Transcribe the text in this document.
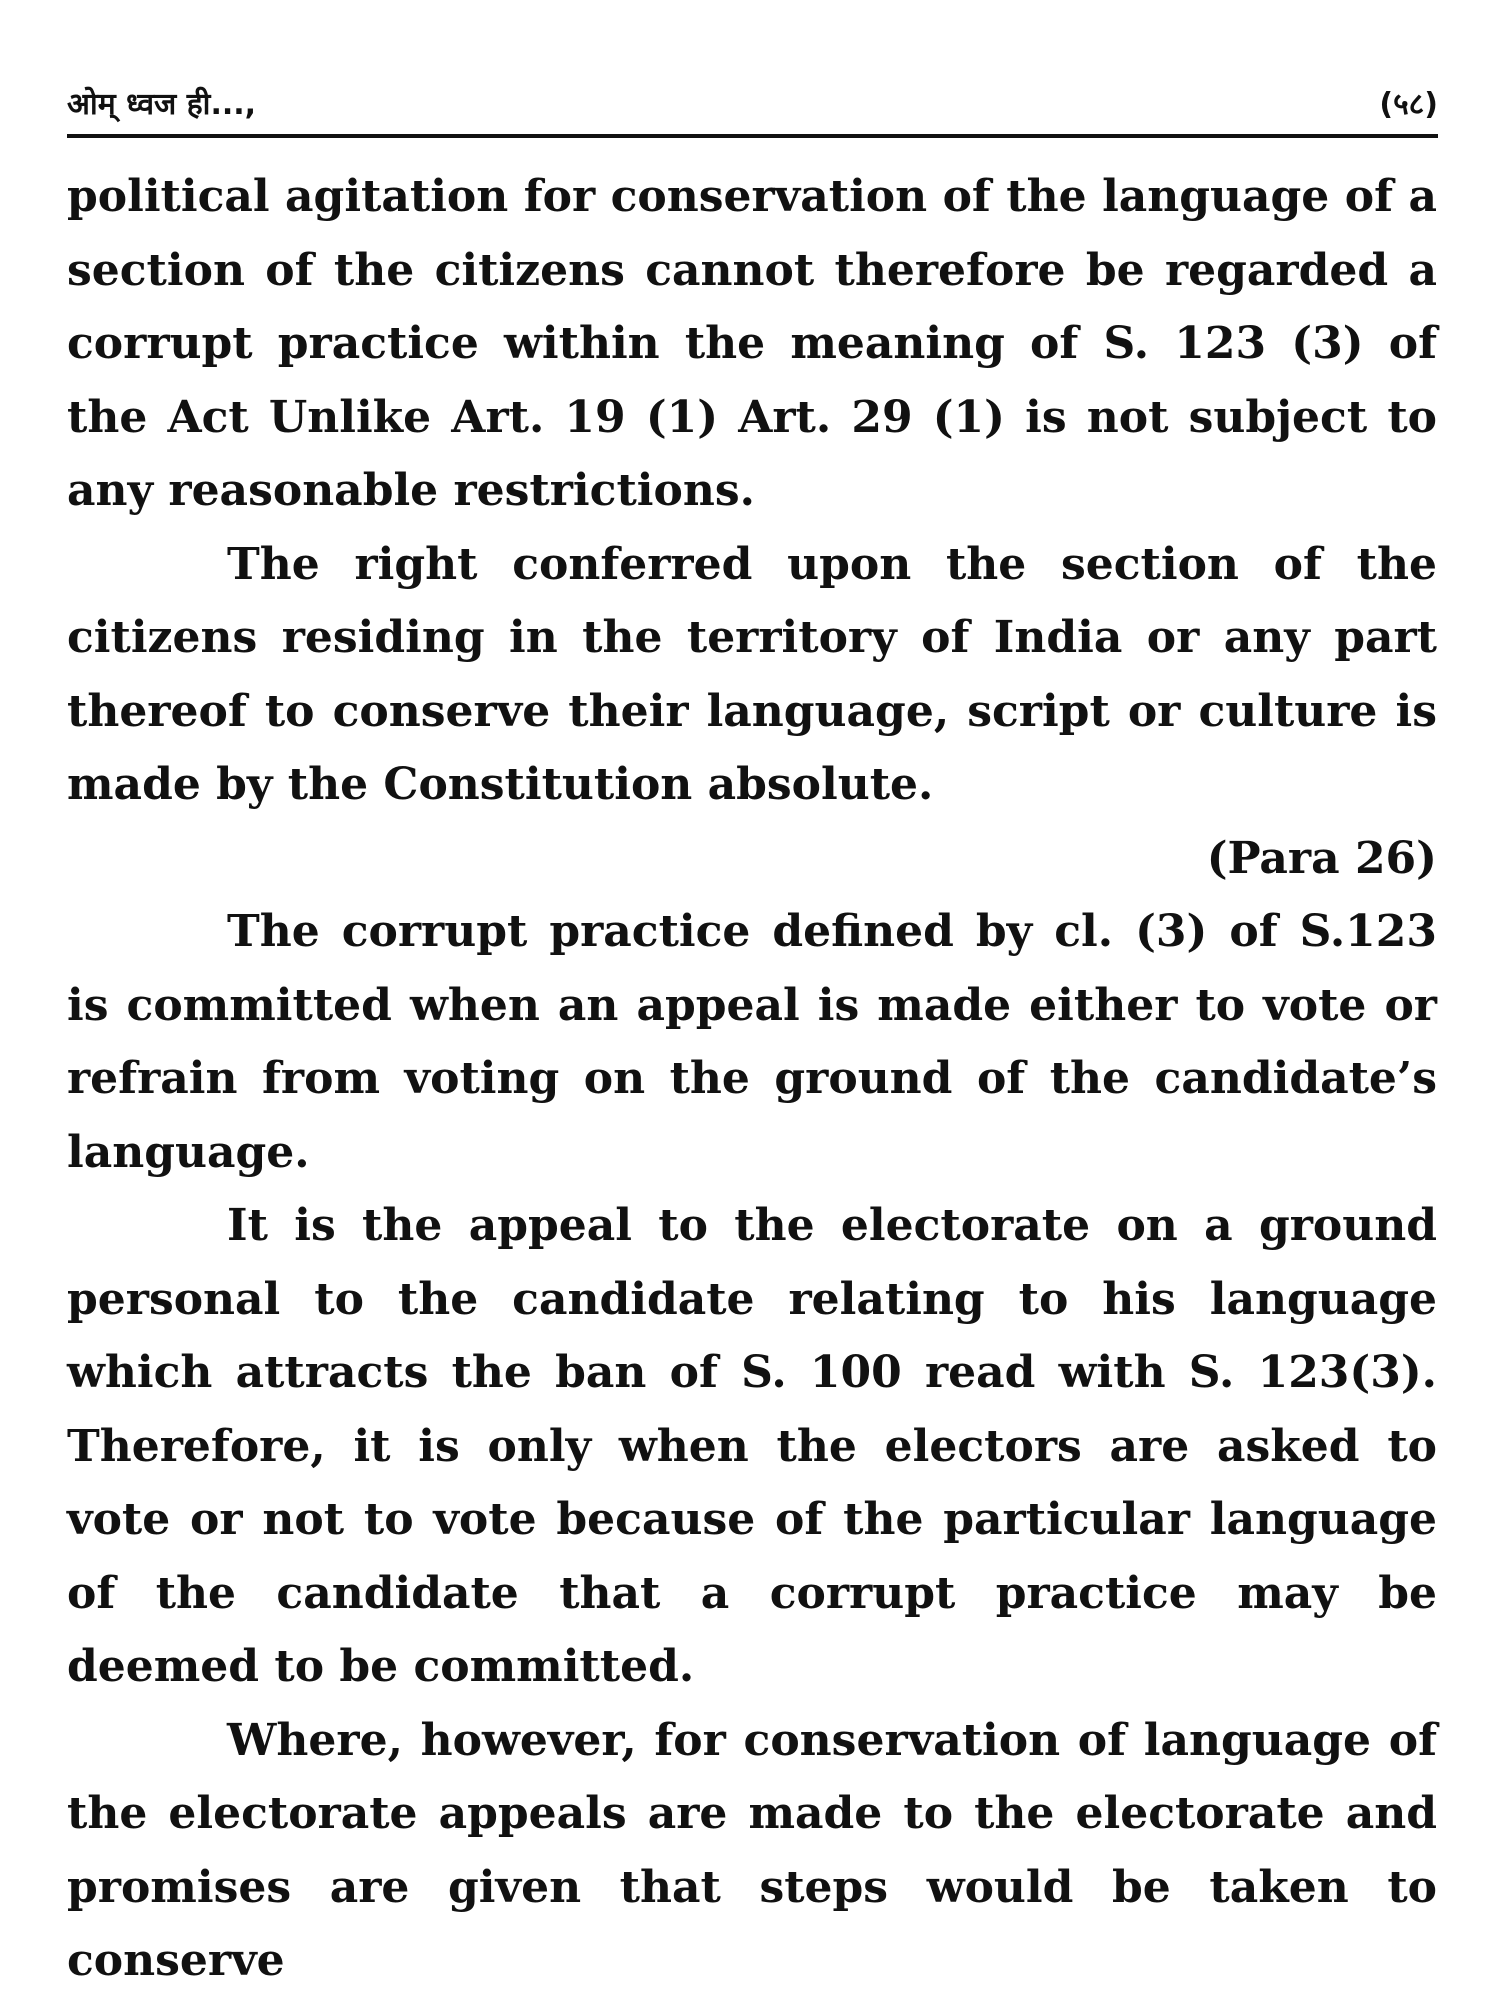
ओम् ध्वज ही...,	(५८)

political agitation for conservation of the language of a section of the citizens cannot therefore be regarded a corrupt practice within the meaning of S. 123 (3) of the Act Unlike Art. 19 (1) Art. 29 (1) is not subject to any reasonable restrictions.

The right conferred upon the section of the citizens residing in the territory of India or any part thereof to conserve their language, script or culture is made by the Constitution absolute.

(Para 26)

The corrupt practice defined by cl. (3) of S.123 is committed when an appeal is made either to vote or refrain from voting on the ground of the candidate’s language.

It is the appeal to the electorate on a ground personal to the candidate relating to his language which attracts the ban of S. 100 read with S. 123(3). Therefore, it is only when the electors are asked to vote or not to vote because of the particular language of the candidate that a corrupt practice may be deemed to be committed.

Where, however, for conservation of language of the electorate appeals are made to the electorate and promises are given that steps would be taken to conserve
